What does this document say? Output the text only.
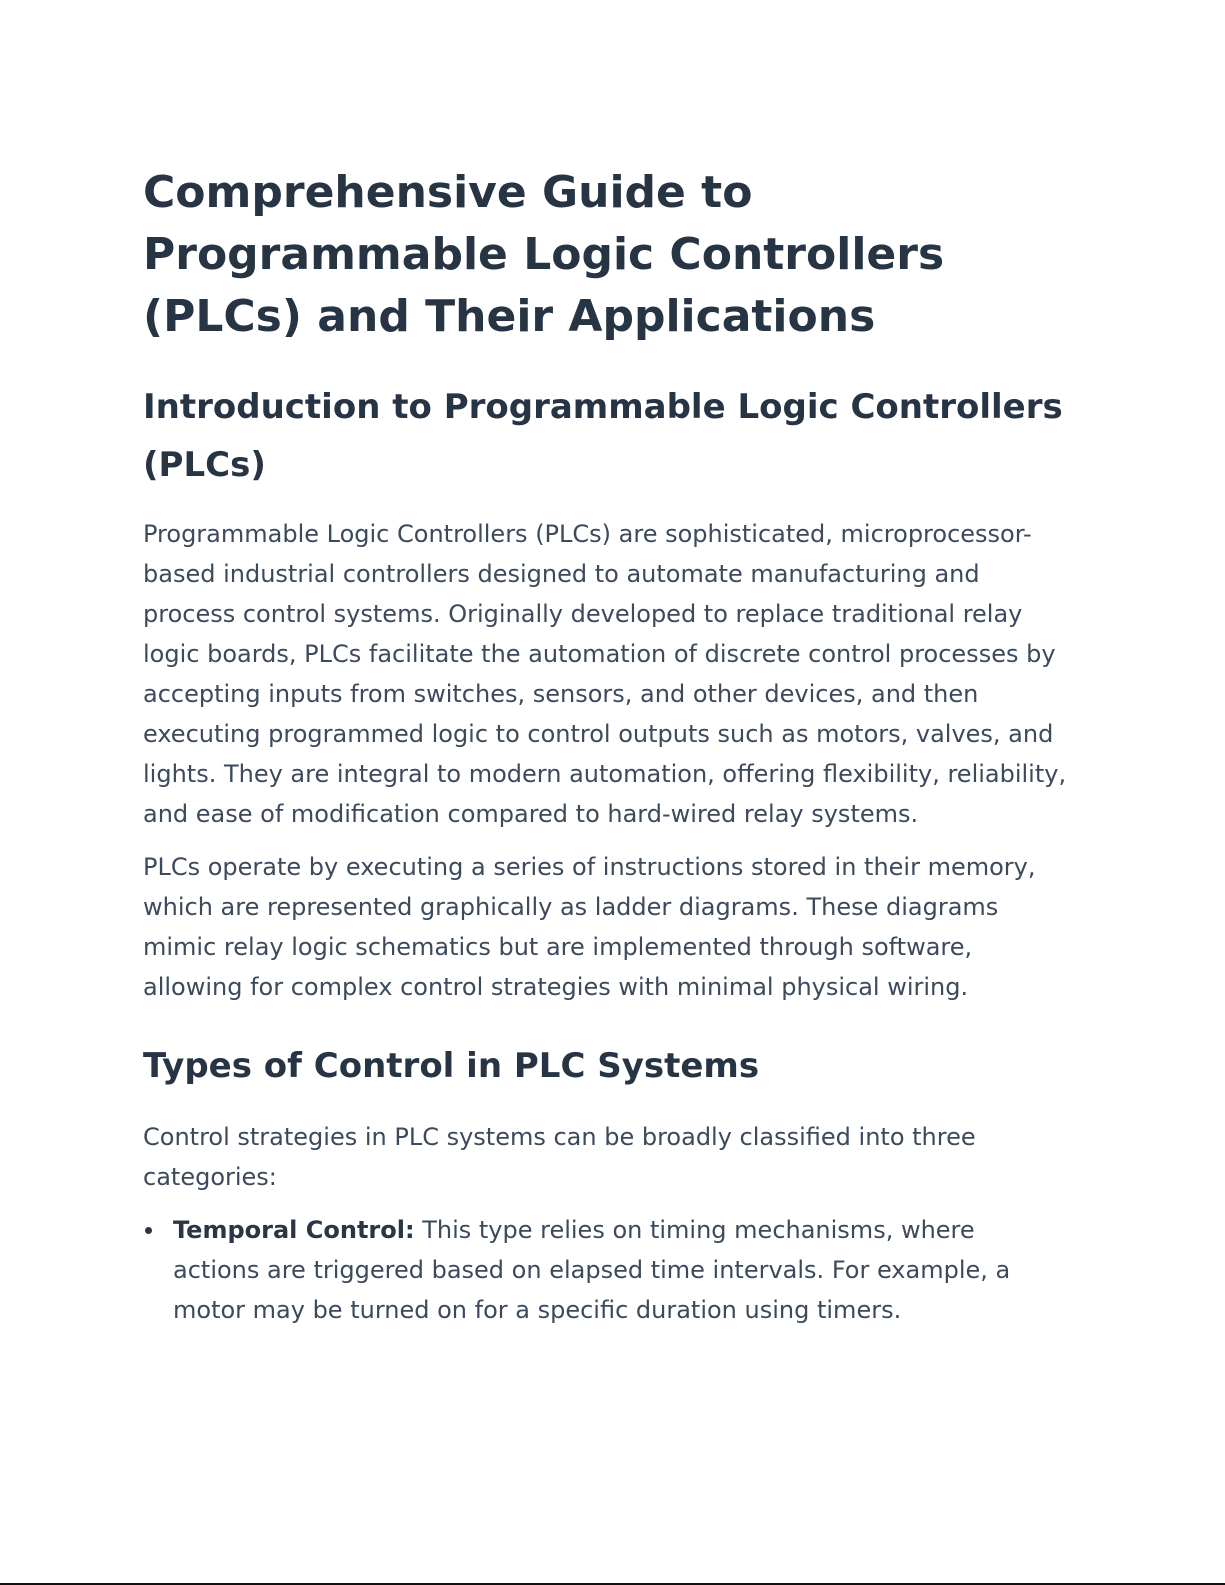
Comprehensive Guide to Programmable Logic Controllers (PLCs) and Their Applications
Introduction to Programmable Logic Controllers (PLCs)

Programmable Logic Controllers (PLCs) are sophisticated, microprocessor-based industrial controllers designed to automate manufacturing and process control systems. Originally developed to replace traditional relay logic boards, PLCs facilitate the automation of discrete control processes by accepting inputs from switches, sensors, and other devices, and then executing programmed logic to control outputs such as motors, valves, and lights. They are integral to modern automation, offering flexibility, reliability, and ease of modification compared to hard-wired relay systems.

PLCs operate by executing a series of instructions stored in their memory, which are represented graphically as ladder diagrams. These diagrams mimic relay logic schematics but are implemented through software, allowing for complex control strategies with minimal physical wiring.

Types of Control in PLC Systems

Control strategies in PLC systems can be broadly classified into three categories:

Temporal Control: This type relies on timing mechanisms, where actions are triggered based on elapsed time intervals. For example, a motor may be turned on for a specific duration using timers.
